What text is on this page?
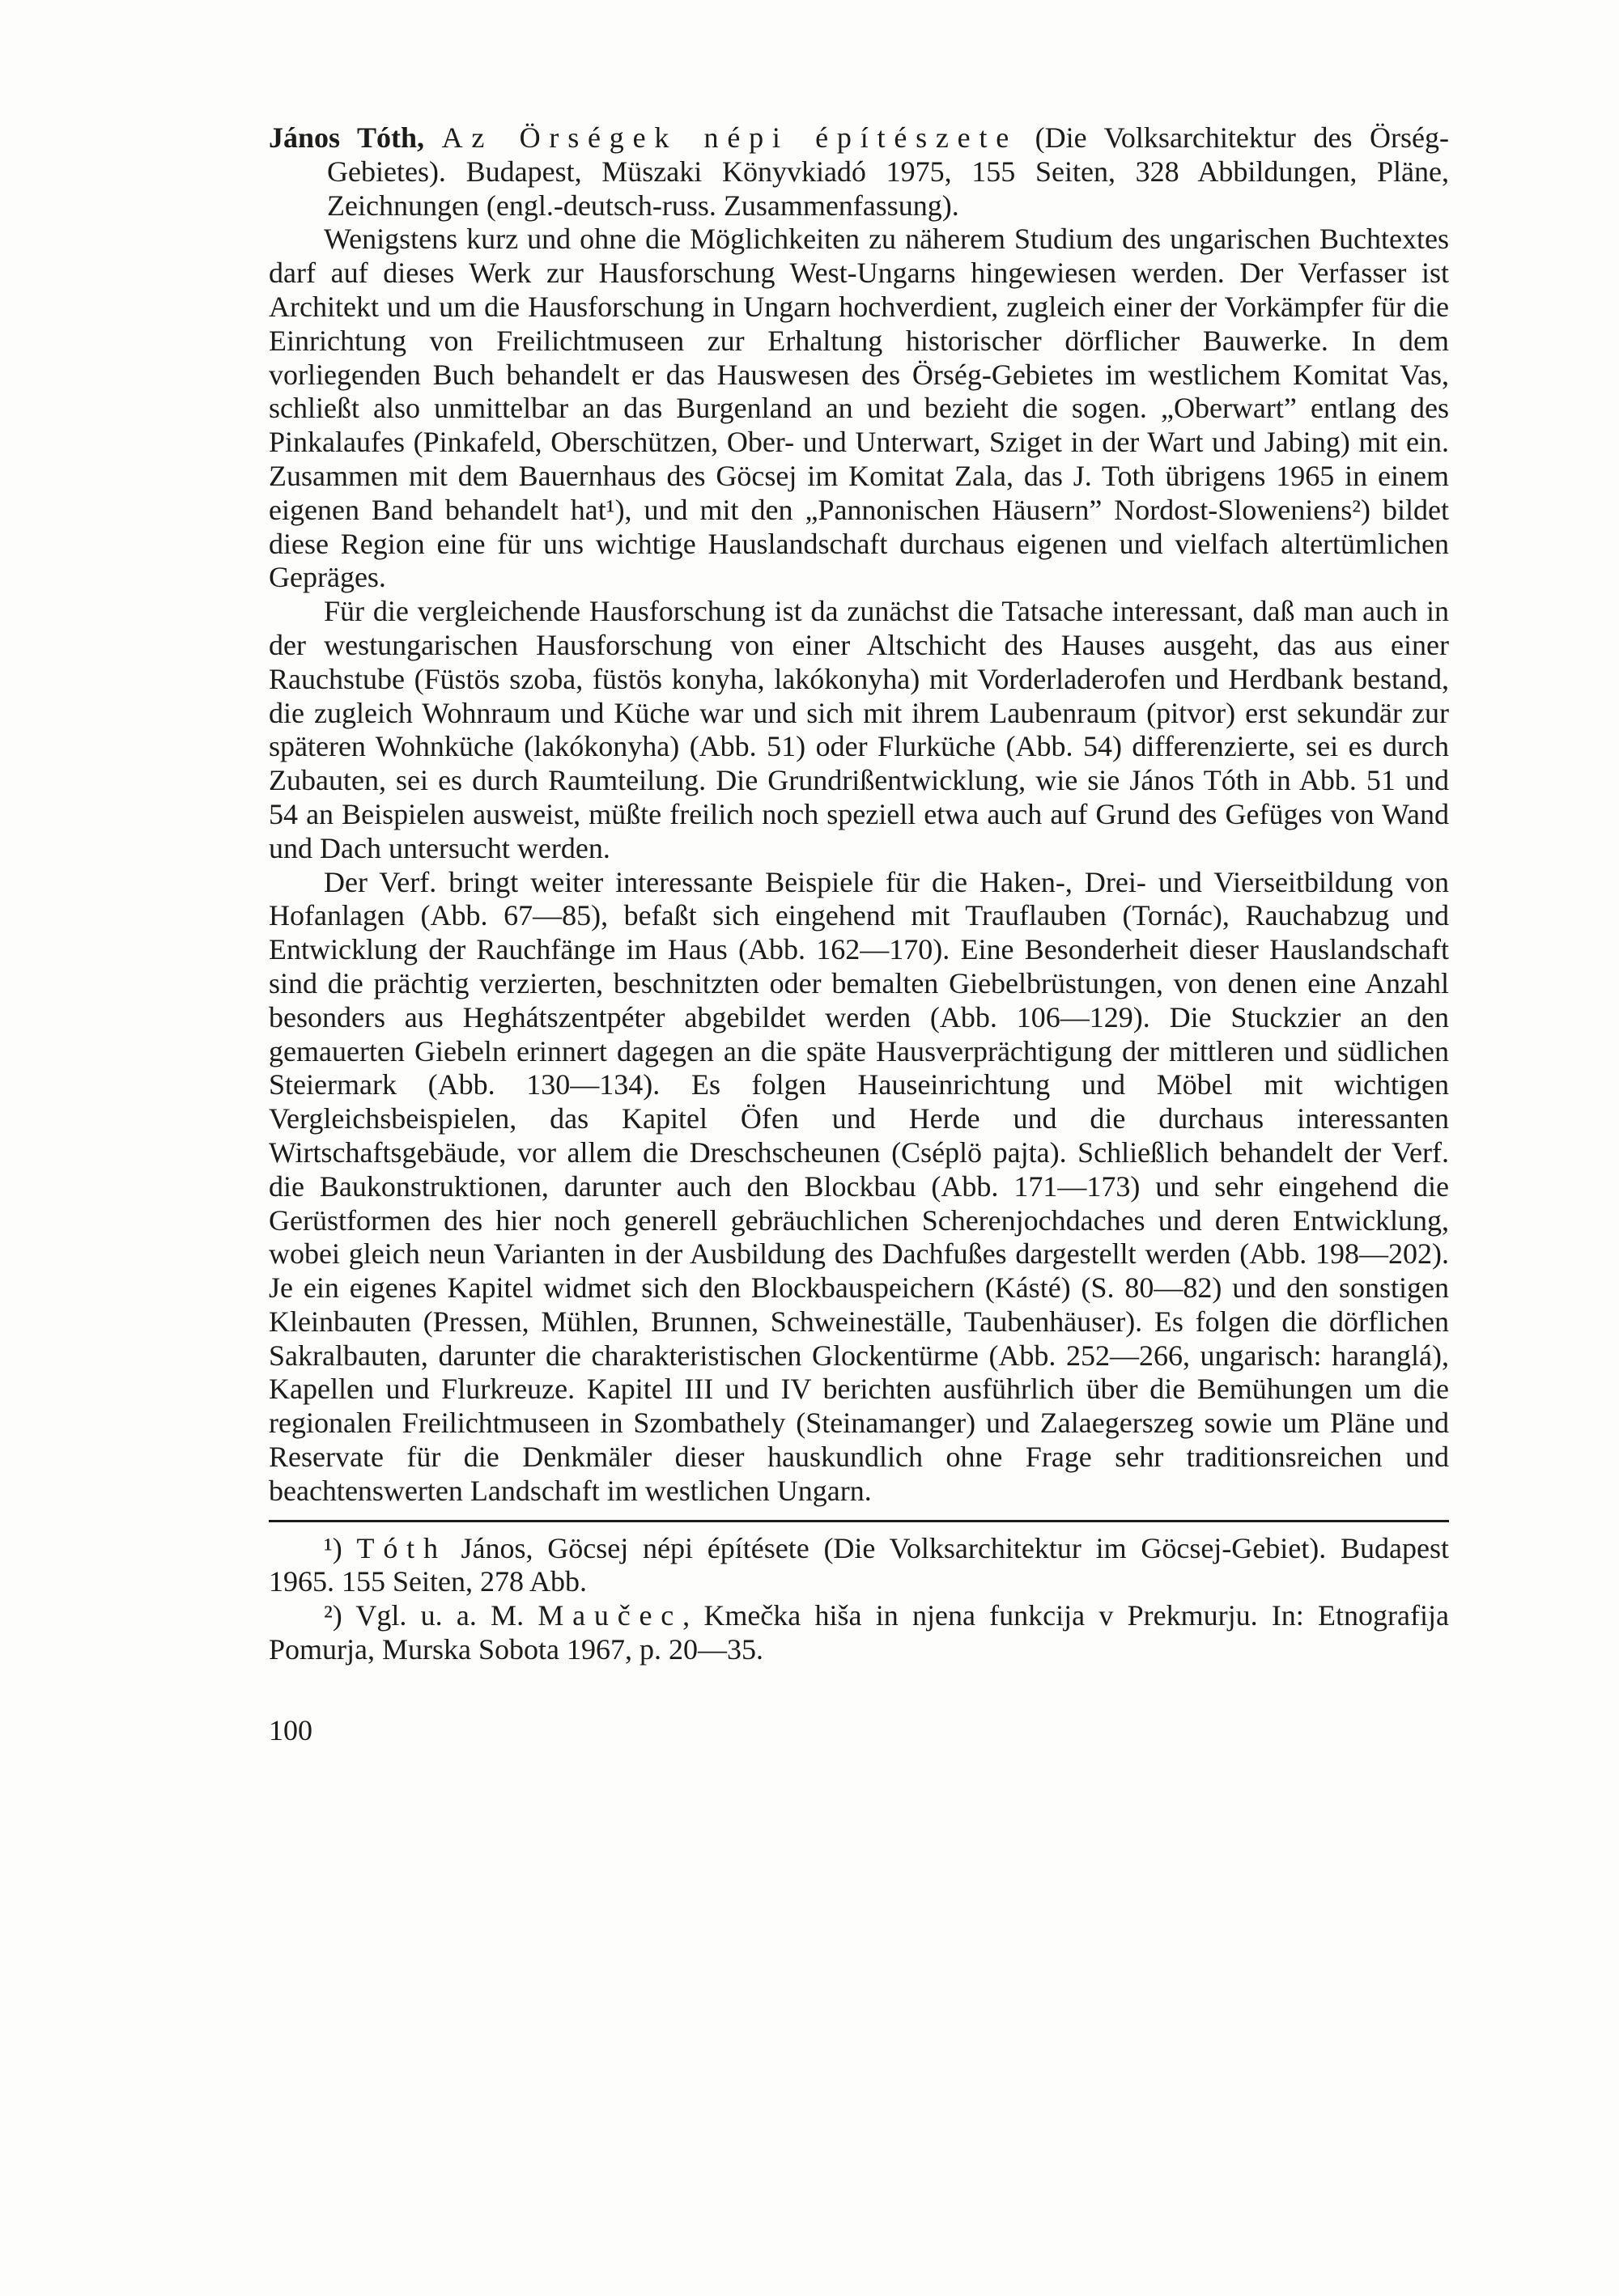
János Tóth, Az Örségek népi építészete (Die Volksarchitektur des Örség-Gebietes). Budapest, Müszaki Könyvkiadó 1975, 155 Seiten, 328 Abbildungen, Pläne, Zeichnungen (engl.-deutsch-russ. Zusammenfassung).

Wenigstens kurz und ohne die Möglichkeiten zu näherem Studium des ungarischen Buchtextes darf auf dieses Werk zur Hausforschung West-Ungarns hingewiesen werden. Der Verfasser ist Architekt und um die Hausforschung in Ungarn hochverdient, zugleich einer der Vorkämpfer für die Einrichtung von Freilichtmuseen zur Erhaltung historischer dörflicher Bauwerke. In dem vorliegenden Buch behandelt er das Hauswesen des Örség-Gebietes im westlichem Komitat Vas, schließt also unmittelbar an das Burgenland an und bezieht die sogen. „Oberwart” entlang des Pinkalaufes (Pinkafeld, Oberschützen, Ober- und Unterwart, Sziget in der Wart und Jabing) mit ein. Zusammen mit dem Bauernhaus des Göcsej im Komitat Zala, das J. Toth übrigens 1965 in einem eigenen Band behandelt hat¹), und mit den „Pannonischen Häusern” Nordost-Sloweniens²) bildet diese Region eine für uns wichtige Hauslandschaft durchaus eigenen und vielfach altertümlichen Gepräges.

Für die vergleichende Hausforschung ist da zunächst die Tatsache interessant, daß man auch in der westungarischen Hausforschung von einer Altschicht des Hauses ausgeht, das aus einer Rauchstube (Füstös szoba, füstös konyha, lakókonyha) mit Vorderladerofen und Herdbank bestand, die zugleich Wohnraum und Küche war und sich mit ihrem Laubenraum (pitvor) erst sekundär zur späteren Wohnküche (lakókonyha) (Abb. 51) oder Flurküche (Abb. 54) differenzierte, sei es durch Zubauten, sei es durch Raumteilung. Die Grundrißentwicklung, wie sie János Tóth in Abb. 51 und 54 an Beispielen ausweist, müßte freilich noch speziell etwa auch auf Grund des Gefüges von Wand und Dach untersucht werden.

Der Verf. bringt weiter interessante Beispiele für die Haken-, Drei- und Vierseitbildung von Hofanlagen (Abb. 67—85), befaßt sich eingehend mit Trauflauben (Tornác), Rauchabzug und Entwicklung der Rauchfänge im Haus (Abb. 162—170). Eine Besonderheit dieser Hauslandschaft sind die prächtig verzierten, beschnitzten oder bemalten Giebelbrüstungen, von denen eine Anzahl besonders aus Heghátszentpéter abgebildet werden (Abb. 106—129). Die Stuckzier an den gemauerten Giebeln erinnert dagegen an die späte Hausverprächtigung der mittleren und südlichen Steiermark (Abb. 130—134). Es folgen Hauseinrichtung und Möbel mit wichtigen Vergleichsbeispielen, das Kapitel Öfen und Herde und die durchaus interessanten Wirtschaftsgebäude, vor allem die Dreschscheunen (Cséplö pajta). Schließlich behandelt der Verf. die Baukonstruktionen, darunter auch den Blockbau (Abb. 171—173) und sehr eingehend die Gerüstformen des hier noch generell gebräuchlichen Scherenjochdaches und deren Entwicklung, wobei gleich neun Varianten in der Ausbildung des Dachfußes dargestellt werden (Abb. 198—202). Je ein eigenes Kapitel widmet sich den Blockbauspeichern (Kásté) (S. 80—82) und den sonstigen Kleinbauten (Pressen, Mühlen, Brunnen, Schweineställe, Taubenhäuser). Es folgen die dörflichen Sakralbauten, darunter die charakteristischen Glockentürme (Abb. 252—266, ungarisch: haranglá), Kapellen und Flurkreuze. Kapitel III und IV berichten ausführlich über die Bemühungen um die regionalen Freilichtmuseen in Szombathely (Steinamanger) und Zalaegerszeg sowie um Pläne und Reservate für die Denkmäler dieser hauskundlich ohne Frage sehr traditionsreichen und beachtenswerten Landschaft im westlichen Ungarn.

¹) Tóth János, Göcsej népi építésete (Die Volksarchitektur im Göcsej-Gebiet). Budapest 1965. 155 Seiten, 278 Abb.

²) Vgl. u. a. M. Maučec, Kmečka hiša in njena funkcija v Prekmurju. In: Etnografija Pomurja, Murska Sobota 1967, p. 20—35.

100
